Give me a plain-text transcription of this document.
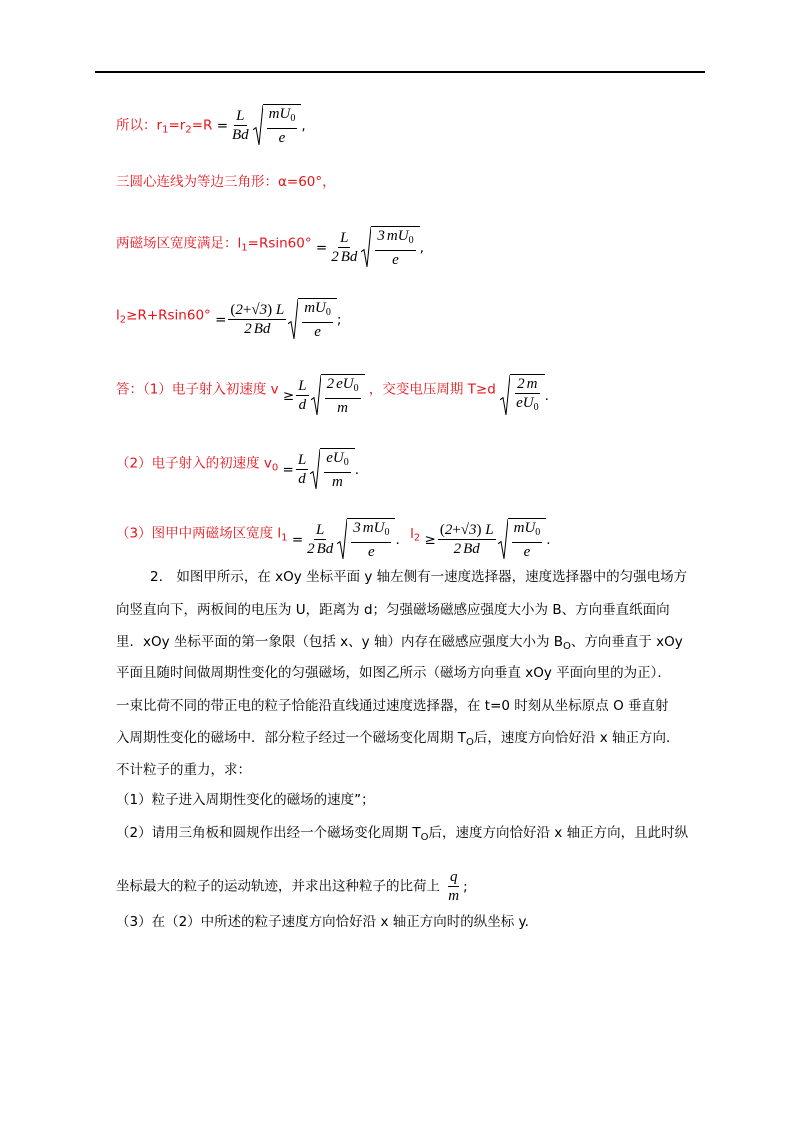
所以：$r_1=r_2=R = \frac{L}{Bd} \frac{mU_0}{e}$ ,
三圆心连线为等边三角形：α=60°，
两磁场区宽度满足：$l_1=Rsin60^\circ = \frac{L}{2 Bd} \frac{3 mU_0}{e}$ ,
$l_2\ge R+Rsin60^\circ = \frac{(2+√3) L}{2 Bd} \frac{mU_0}{e}$ ;
答：（1）电子射入初速度 $v \ge \frac{L}{d} \frac{2 eU_0}{m}$ ，交变电压周期 $T\ge d \frac{2 m}{eU_0}$ .
（2）电子射入的初速度 $v_0 = \frac{L}{d} \frac{eU_0}{m}$ .
（3）图甲中两磁场区宽度 $l_1 = \frac{L}{2 Bd} \frac{3 mU_0}{e}$ . $l_2 \ge \frac{(2+√3) L}{2 Bd} \frac{mU_0}{e}$ .
2.　如图甲所示，在 xOy 坐标平面 y 轴左侧有一速度选择器，速度选择器中的匀强电场方
向竖直向下，两板间的电压为 U，距离为 d；匀强磁场磁感应强度大小为 B、方向垂直纸面向
里．xOy 坐标平面的第一象限（包括 x、y 轴）内存在磁感应强度大小为 $B_O$、方向垂直于 xOy
平面且随时间做周期性变化的匀强磁场，如图乙所示（磁场方向垂直 xOy 平面向里的为正）．
一束比荷不同的带正电的粒子恰能沿直线通过速度选择器，在 t=0 时刻从坐标原点 O 垂直射
入周期性变化的磁场中．部分粒子经过一个磁场变化周期 $T_O$后，速度方向恰好沿 x 轴正方向．
不计粒子的重力，求：
（1）粒子进入周期性变化的磁场的速度”；
（2）请用三角板和圆规作出经一个磁场变化周期 $T_O$后，速度方向恰好沿 x 轴正方向，且此时纵
坐标最大的粒子的运动轨迹，并求出这种粒子的比荷上 $\frac{q}{m}$ ;
（3）在（2）中所述的粒子速度方向恰好沿 x 轴正方向时的纵坐标 y.
